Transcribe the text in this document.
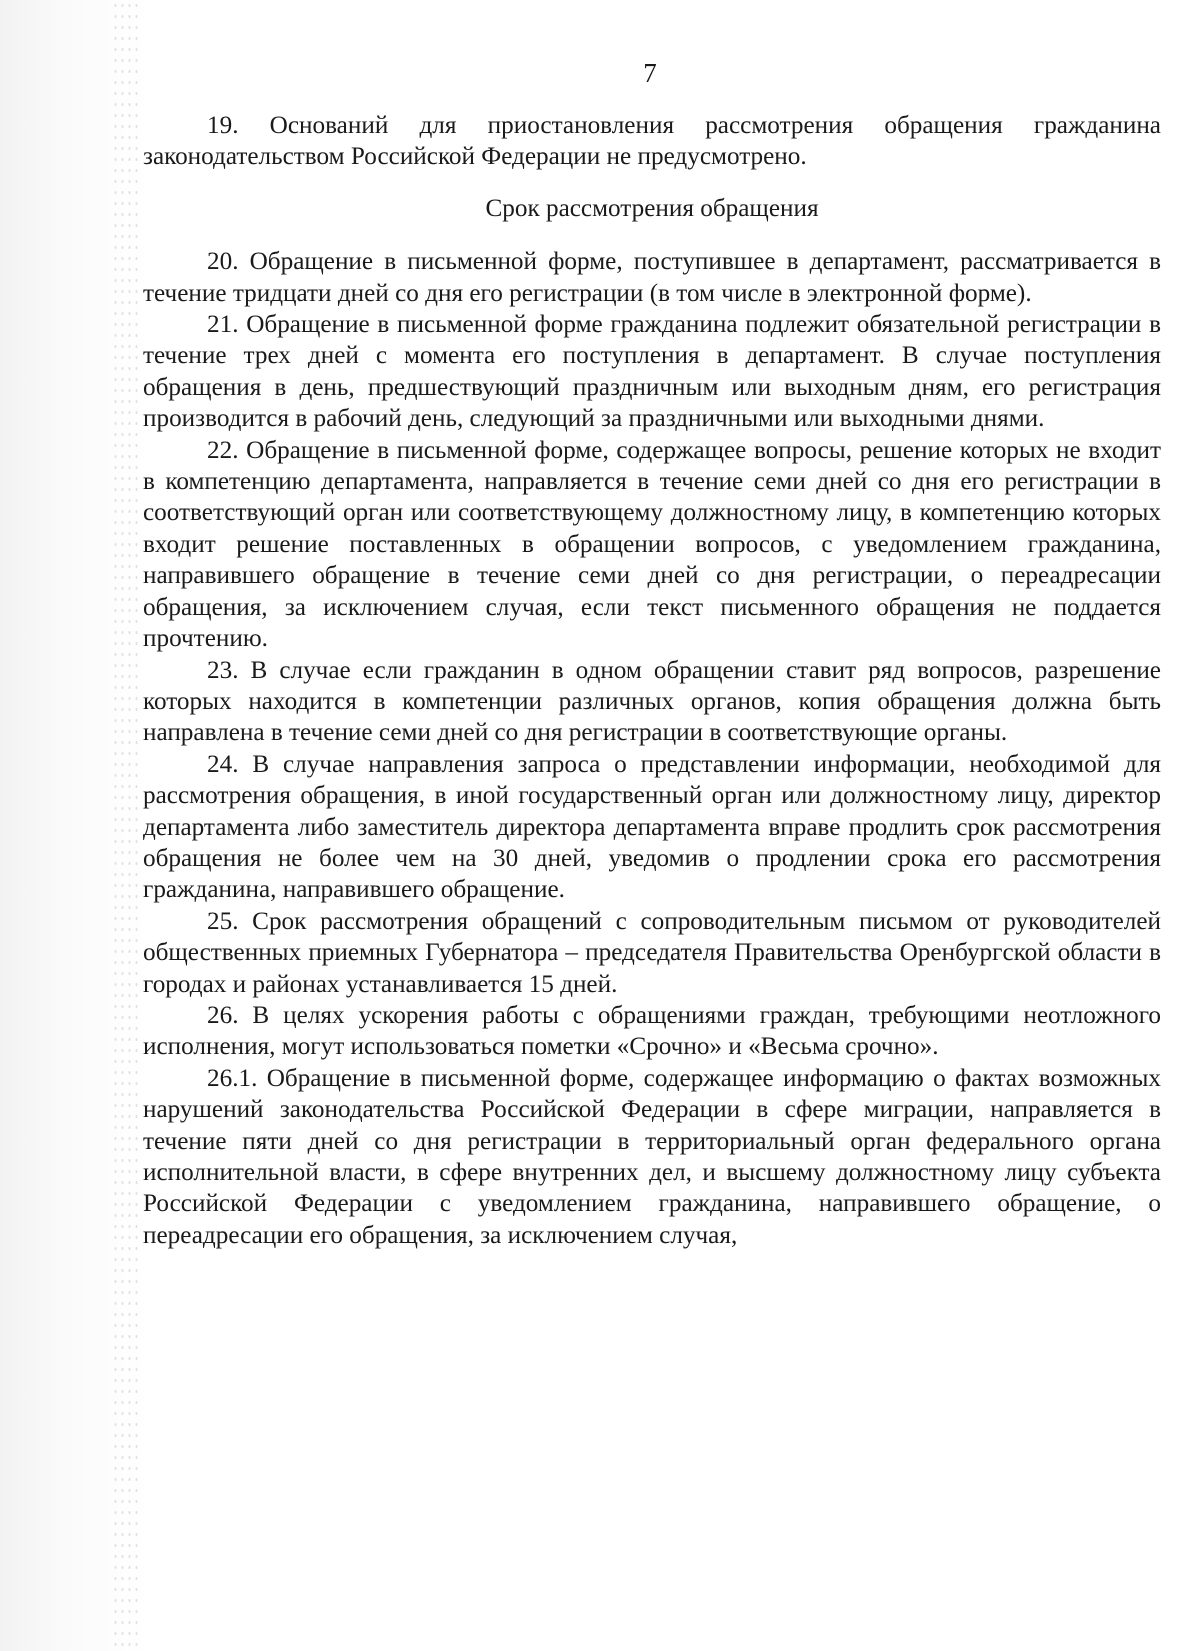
7

19. Оснований для приостановления рассмотрения обращения гражданина законодательством Российской Федерации не предусмотрено.

Срок рассмотрения обращения

20. Обращение в письменной форме, поступившее в департамент, рассматривается в течение тридцати дней со дня его регистрации (в том числе в электронной форме).

21. Обращение в письменной форме гражданина подлежит обязательной регистрации в течение трех дней с момента его поступления в департамент. В случае поступления обращения в день, предшествующий праздничным или выходным дням, его регистрация производится в рабочий день, следующий за праздничными или выходными днями.

22. Обращение в письменной форме, содержащее вопросы, решение которых не входит в компетенцию департамента, направляется в течение семи дней со дня его регистрации в соответствующий орган или соответствующему должностному лицу, в компетенцию которых входит решение поставленных в обращении вопросов, с уведомлением гражданина, направившего обращение в течение семи дней со дня регистрации, о переадресации обращения, за исключением случая, если текст письменного обращения не поддается прочтению.

23. В случае если гражданин в одном обращении ставит ряд вопросов, разрешение которых находится в компетенции различных органов, копия обращения должна быть направлена в течение семи дней со дня регистрации в соответствующие органы.

24. В случае направления запроса о представлении информации, необходимой для рассмотрения обращения, в иной государственный орган или должностному лицу, директор департамента либо заместитель директора департамента вправе продлить срок рассмотрения обращения не более чем на 30 дней, уведомив о продлении срока его рассмотрения гражданина, направившего обращение.

25. Срок рассмотрения обращений с сопроводительным письмом от руководителей общественных приемных Губернатора – председателя Правительства Оренбургской области в городах и районах устанавливается 15 дней.

26. В целях ускорения работы с обращениями граждан, требующими неотложного исполнения, могут использоваться пометки «Срочно» и «Весьма срочно».

26.1. Обращение в письменной форме, содержащее информацию о фактах возможных нарушений законодательства Российской Федерации в сфере миграции, направляется в течение пяти дней со дня регистрации в территориальный орган федерального органа исполнительной власти, в сфере внутренних дел, и высшему должностному лицу субъекта Российской Федерации с уведомлением гражданина, направившего обращение, о переадресации его обращения, за исключением случая,
